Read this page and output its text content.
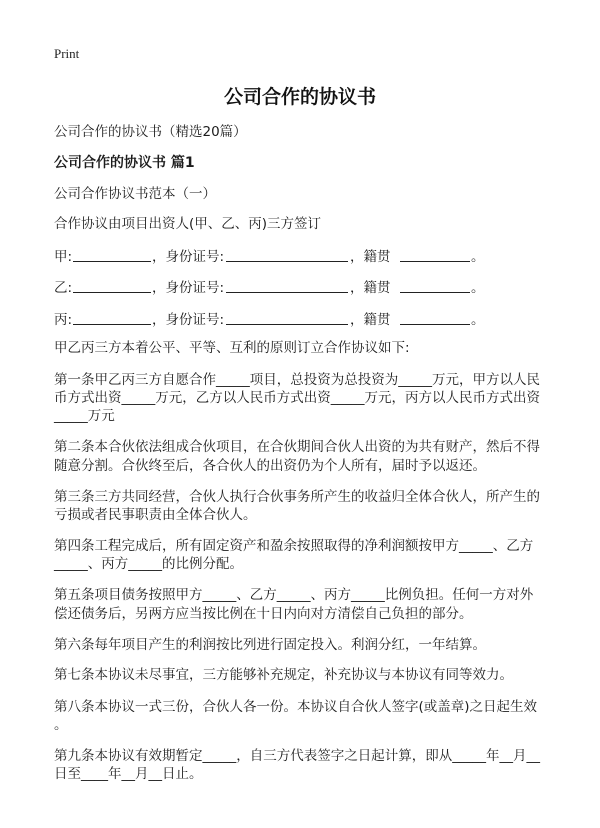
Print
公司合作的协议书

公司合作的协议书（精选20篇）

公司合作的协议书 篇1

公司合作协议书范本（一）

合作协议由项目出资人(甲、乙、丙)三方签订

甲:	，身份证号:	，籍贯	。
乙:	，身份证号:	，籍贯	。
丙:	，身份证号:	，籍贯	。

甲乙丙三方本着公平、平等、互利的原则订立合作协议如下:

第一条甲乙丙三方自愿合作_____项目，总投资为总投资为_____万元，甲方以人民

币方式出资_____万元，乙方以人民币方式出资_____万元，丙方以人民币方式出资

_____万元

第二条本合伙依法组成合伙项目，在合伙期间合伙人出资的为共有财产，然后不得

随意分割。合伙终至后，各合伙人的出资仍为个人所有，届时予以返还。

第三条三方共同经营，合伙人执行合伙事务所产生的收益归全体合伙人，所产生的

亏损或者民事职责由全体合伙人。

第四条工程完成后，所有固定资产和盈余按照取得的净利润额按甲方_____、乙方

_____、丙方_____的比例分配。

第五条项目债务按照甲方_____、乙方_____、丙方_____比例负担。任何一方对外

偿还债务后，另两方应当按比例在十日内向对方清偿自己负担的部分。

第六条每年项目产生的利润按比列进行固定投入。利润分红，一年结算。

第七条本协议未尽事宜，三方能够补充规定，补充协议与本协议有同等效力。

第八条本协议一式三份，合伙人各一份。本协议自合伙人签字(或盖章)之日起生效

。

第九条本协议有效期暂定_____，自三方代表签字之日起计算，即从_____年__月__

日至____年__月__日止。
